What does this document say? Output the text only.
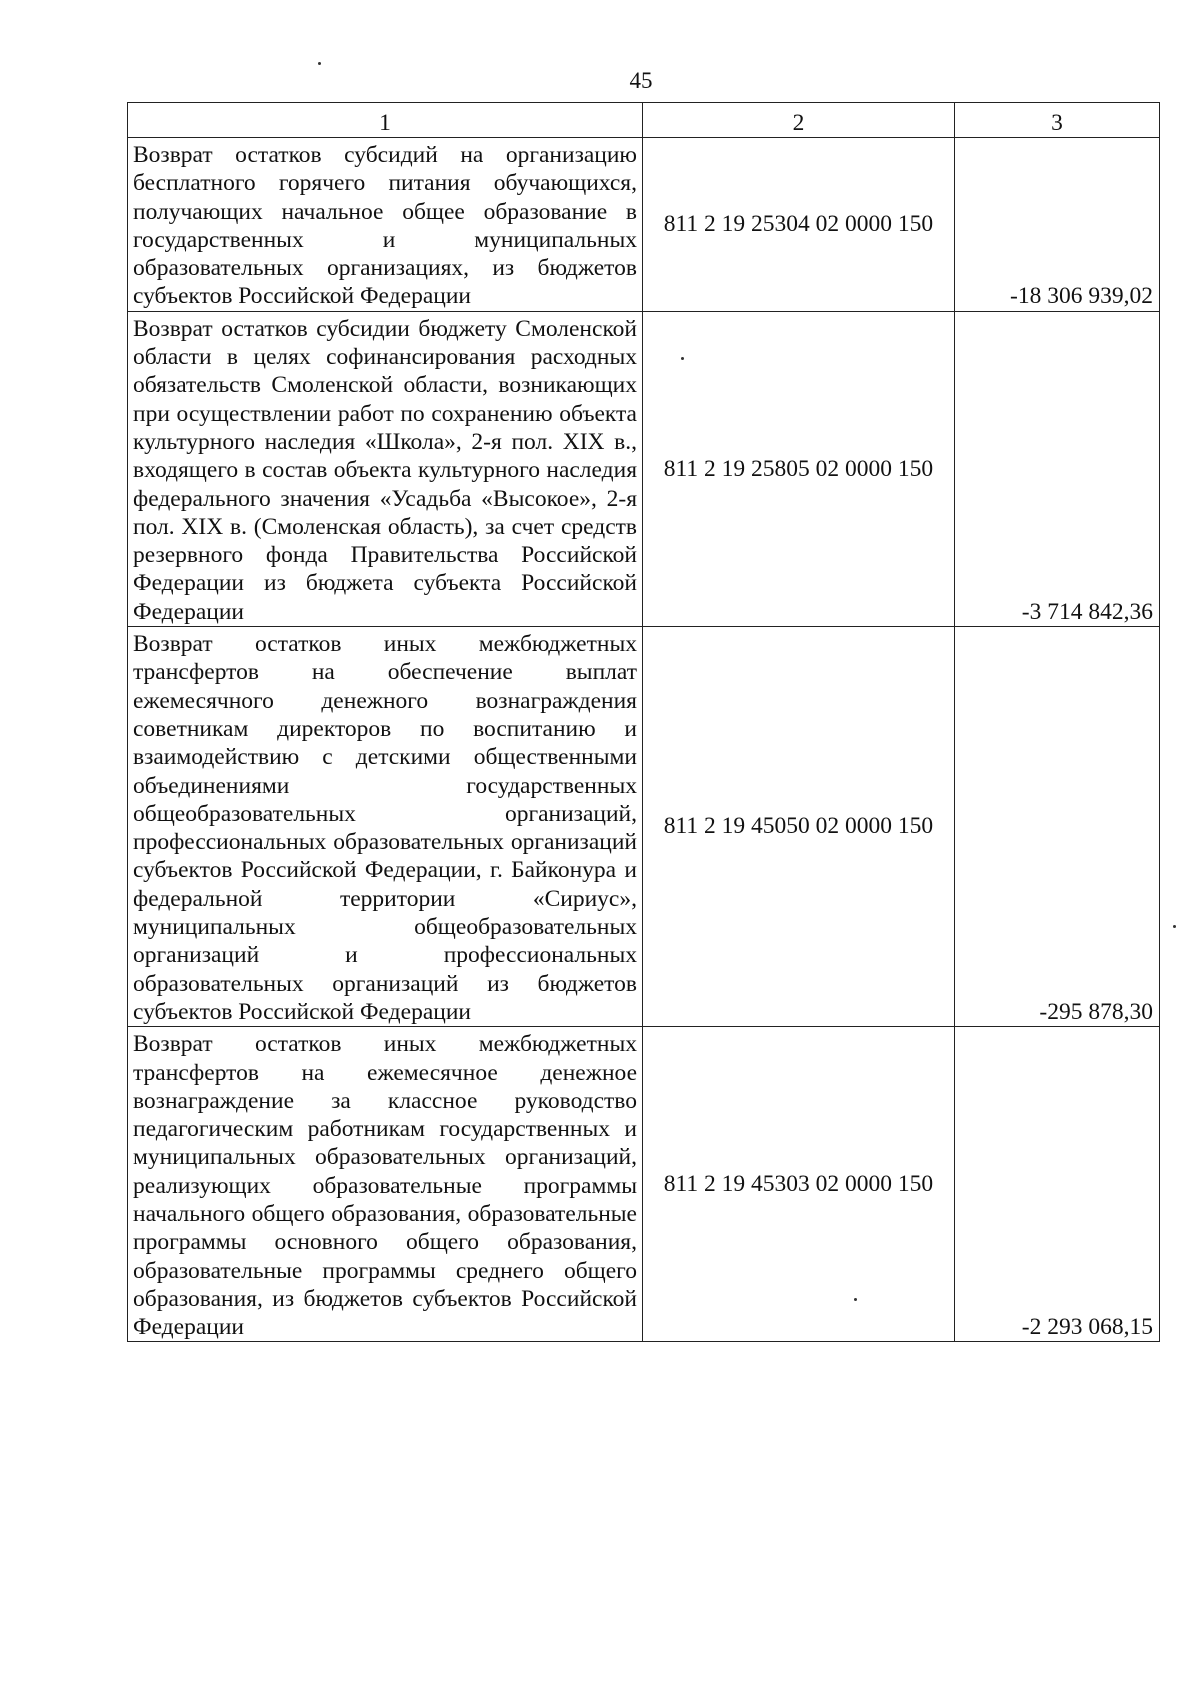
45
1	2	3
Возврат остатков субсидий на организацию бесплатного горячего питания обучающихся, получающих начальное общее образование в государственных и муниципальных образовательных организациях, из бюджетов субъектов Российской Федерации	811 2 19 25304 02 0000 150	-18 306 939,02
Возврат остатков субсидии бюджету Смоленской области в целях софинансирования расходных обязательств Смоленской области, возникающих при осуществлении работ по сохранению объекта культурного наследия «Школа», 2-я пол. XIX в., входящего в состав объекта культурного наследия федерального значения «Усадьба «Высокое», 2-я пол. XIX в. (Смоленская область), за счет средств резервного фонда Правительства Российской Федерации из бюджета субъекта Российской Федерации	811 2 19 25805 02 0000 150	-3 714 842,36
Возврат остатков иных межбюджетных трансфертов на обеспечение выплат ежемесячного денежного вознаграждения советникам директоров по воспитанию и взаимодействию с детскими общественными объединениями государственных общеобразовательных организаций, профессиональных образовательных организаций субъектов Российской Федерации, г. Байконура и федеральной территории «Сириус», муниципальных общеобразовательных организаций и профессиональных образовательных организаций из бюджетов субъектов Российской Федерации	811 2 19 45050 02 0000 150	-295 878,30
Возврат остатков иных межбюджетных трансфертов на ежемесячное денежное вознаграждение за классное руководство педагогическим работникам государственных и муниципальных образовательных организаций, реализующих образовательные программы начального общего образования, образовательные программы основного общего образования, образовательные программы среднего общего образования, из бюджетов субъектов Российской Федерации	811 2 19 45303 02 0000 150	-2 293 068,15
